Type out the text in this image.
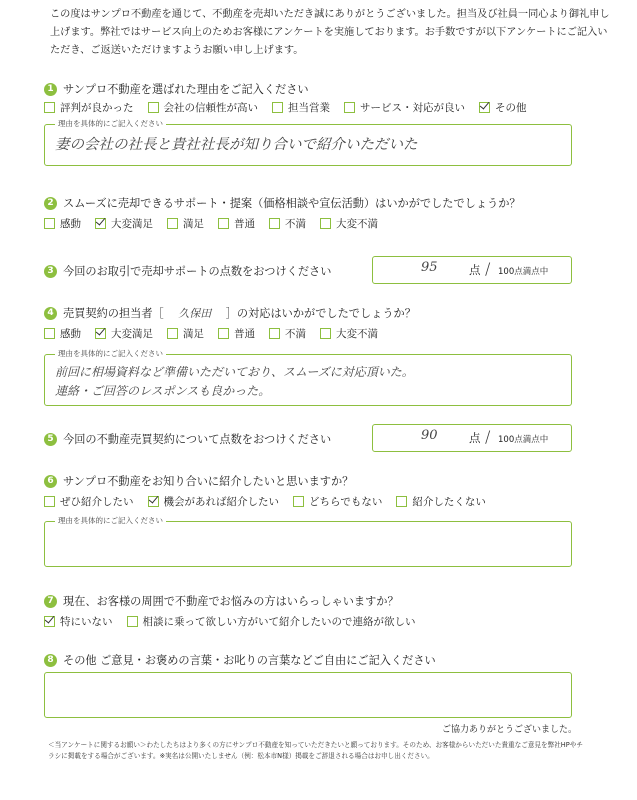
この度はサンプロ不動産を通じて、不動産を売却いただき誠にありがとうございました。担当及び社員一同心より御礼申し上げます。弊社ではサービス向上のためお客様にアンケートを実施しております。お手数ですが以下アンケートにご記入いただき、ご返送いただけますようお願い申し上げます。
1 サンプロ不動産を選ばれた理由をご記入ください
評判が良かった	会社の信頼性が高い	担当営業	サービス・対応が良い	その他
理由を具体的にご記入ください
妻の会社の社長と貴社社長が知り合いで紹介いただいた
2 スムーズに売却できるサポート・提案（価格相談や宣伝活動）はいかがでしたでしょうか？
感動	大変満足	満足	普通	不満	大変不満
3 今回のお取引で売却サポートの点数をおつけください	95	点 / 100点満点中
4 売買契約の担当者［	久保田	］の対応はいかがでしたでしょうか？
感動	大変満足	満足	普通	不満	大変不満
理由を具体的にご記入ください
前回に相場資料など準備いただいており、スムーズに対応頂いた。
連絡・ご回答のレスポンスも良かった。
5 今回の不動産売買契約について点数をおつけください	90	点 / 100点満点中
6 サンプロ不動産をお知り合いに紹介したいと思いますか？
ぜひ紹介したい	機会があれば紹介したい	どちらでもない	紹介したくない
理由を具体的にご記入ください
7 現在、お客様の周囲で不動産でお悩みの方はいらっしゃいますか？
特にいない	相談に乗って欲しい方がいて紹介したいので連絡が欲しい
8 その他 ご意見・お褒めの言葉・お叱りの言葉などご自由にご記入ください
ご協力ありがとうございました。
＜当アンケートに関するお願い＞わたしたちはより多くの方にサンプロ不動産を知っていただきたいと願っております。そのため、お客様からいただいた貴重なご意見を弊社HPやチラシに掲載をする場合がございます。※実名は公開いたしません（例：松本市N様）掲載をご辞退される場合はお申し出ください。
